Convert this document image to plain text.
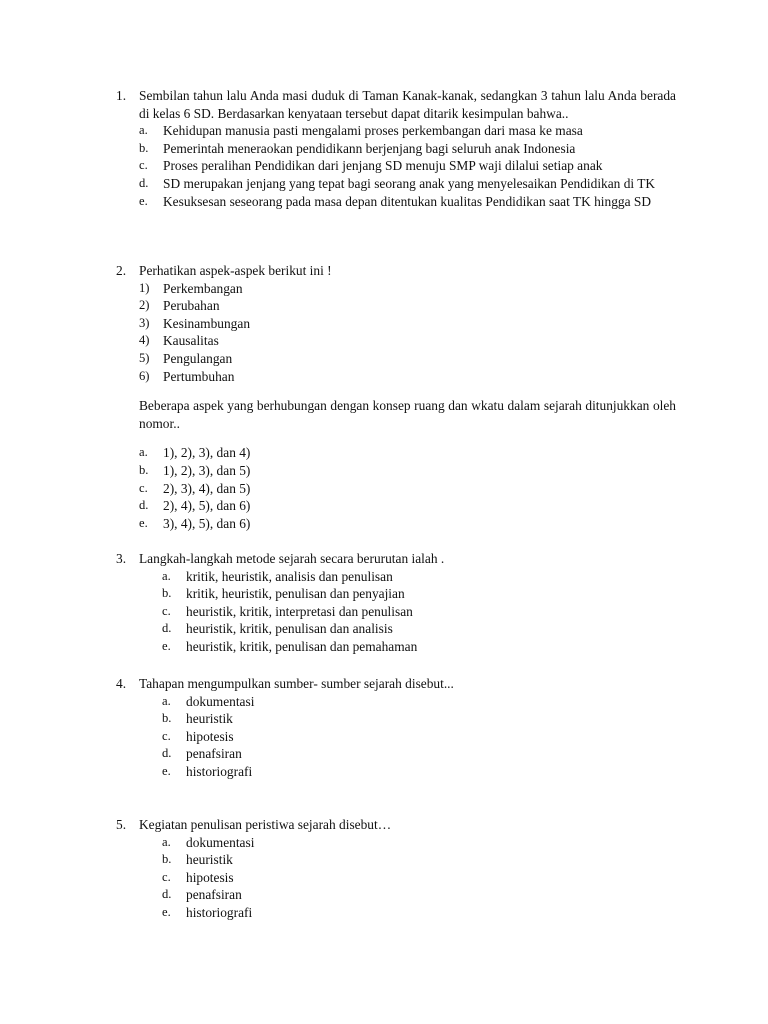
1. Sembilan tahun lalu Anda masi duduk di Taman Kanak-kanak, sedangkan 3 tahun lalu Anda berada di kelas 6 SD. Berdasarkan kenyataan tersebut dapat ditarik kesimpulan bahwa..
a.	Kehidupan manusia pasti mengalami proses perkembangan dari masa ke masa
b.	Pemerintah meneraokan pendidikann berjenjang bagi seluruh anak Indonesia
c.	Proses peralihan Pendidikan dari jenjang SD menuju SMP waji dilalui setiap anak
d.	SD merupakan jenjang yang tepat bagi seorang anak yang menyelesaikan Pendidikan di TK
e.	Kesuksesan seseorang pada masa depan ditentukan kualitas Pendidikan saat TK hingga SD
2. Perhatikan aspek-aspek berikut ini !
1)	Perkembangan
2)	Perubahan
3)	Kesinambungan
4)	Kausalitas
5)	Pengulangan
6)	Pertumbuhan
Beberapa aspek yang berhubungan dengan konsep ruang dan wkatu dalam sejarah ditunjukkan oleh nomor..
a.	1), 2), 3), dan 4)
b.	1), 2), 3), dan 5)
c.	2), 3), 4), dan 5)
d.	2), 4), 5), dan 6)
e.	3), 4), 5), dan 6)
3. Langkah-langkah metode sejarah secara berurutan ialah .
a.	kritik, heuristik, analisis dan penulisan
b.	kritik, heuristik, penulisan dan penyajian
c.	heuristik, kritik, interpretasi dan penulisan
d.	heuristik, kritik, penulisan dan analisis
e.	heuristik, kritik, penulisan dan pemahaman
4. Tahapan mengumpulkan sumber- sumber sejarah disebut...
a.	dokumentasi
b.	heuristik
c.	hipotesis
d.	penafsiran
e.	historiografi
5. Kegiatan penulisan peristiwa sejarah disebut…
a.	dokumentasi
b.	heuristik
c.	hipotesis
d.	penafsiran
e.	historiografi
